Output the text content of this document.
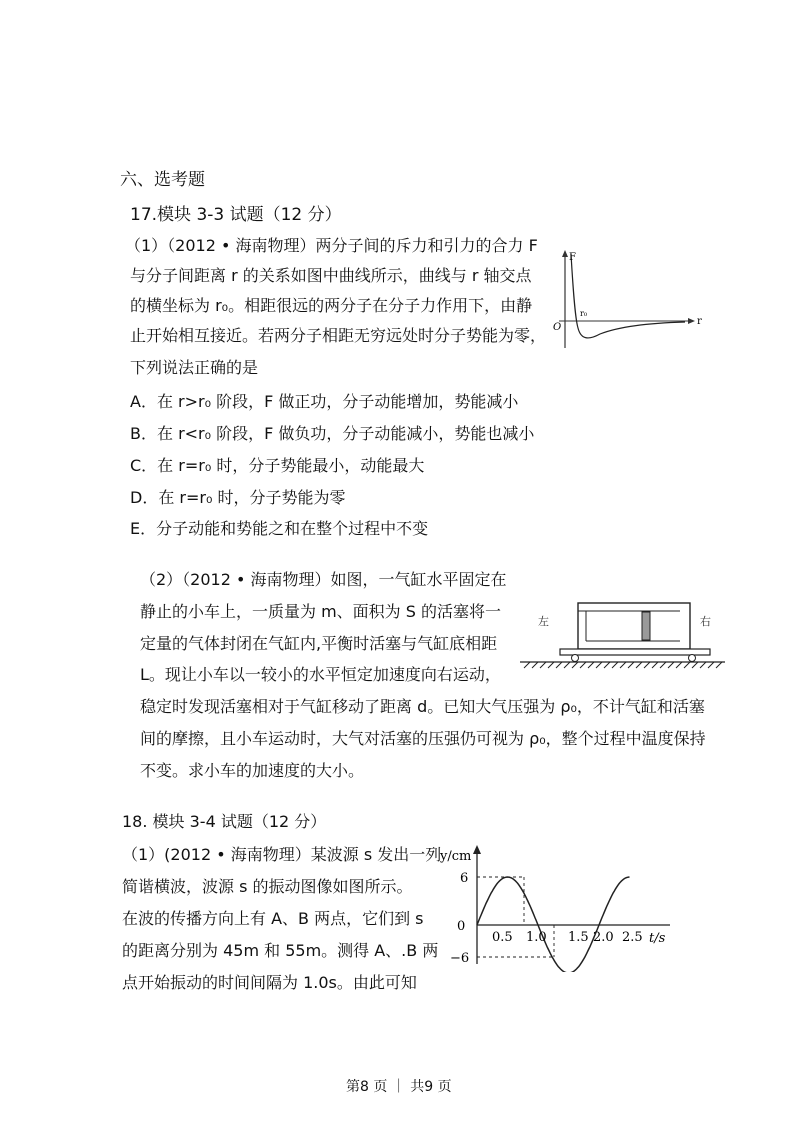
六、选考题
17.模块 3-3 试题（12 分）
（1）（2012 • 海南物理）两分子间的斥力和引力的合力 F
与分子间距离 r 的关系如图中曲线所示，曲线与 r 轴交点
的横坐标为 r₀。相距很远的两分子在分子力作用下，由静
止开始相互接近。若两分子相距无穷远处时分子势能为零，
下列说法正确的是
A．在 r>r₀ 阶段，F 做正功，分子动能增加，势能减小
B．在 r<r₀ 阶段，F 做负功，分子动能减小，势能也减小
C．在 r=r₀ 时，分子势能最小，动能最大
D．在 r=r₀ 时，分子势能为零
E．分子动能和势能之和在整个过程中不变
F
r
O
r₀
（2）（2012 • 海南物理）如图，一气缸水平固定在
静止的小车上，一质量为 m、面积为 S 的活塞将一
定量的气体封闭在气缸内,平衡时活塞与气缸底相距
L。现让小车以一较小的水平恒定加速度向右运动，
稳定时发现活塞相对于气缸移动了距离 d。已知大气压强为 ρ₀，不计气缸和活塞
间的摩擦，且小车运动时，大气对活塞的压强仍可视为 ρ₀，整个过程中温度保持
不变。求小车的加速度的大小。
左	右
18. 模块 3-4 试题（12 分）
（1）(2012 • 海南物理）某波源 s 发出一列
简谐横波，波源 s 的振动图像如图所示。
在波的传播方向上有 A、B 两点，它们到 s
的距离分别为 45m 和 55m。测得 A、.B 两
点开始振动的时间间隔为 1.0s。由此可知
y/cm
t/s
0
6
−6
0.5 1.0 1.5 2.0 2.5
第8 页 ｜ 共9 页
